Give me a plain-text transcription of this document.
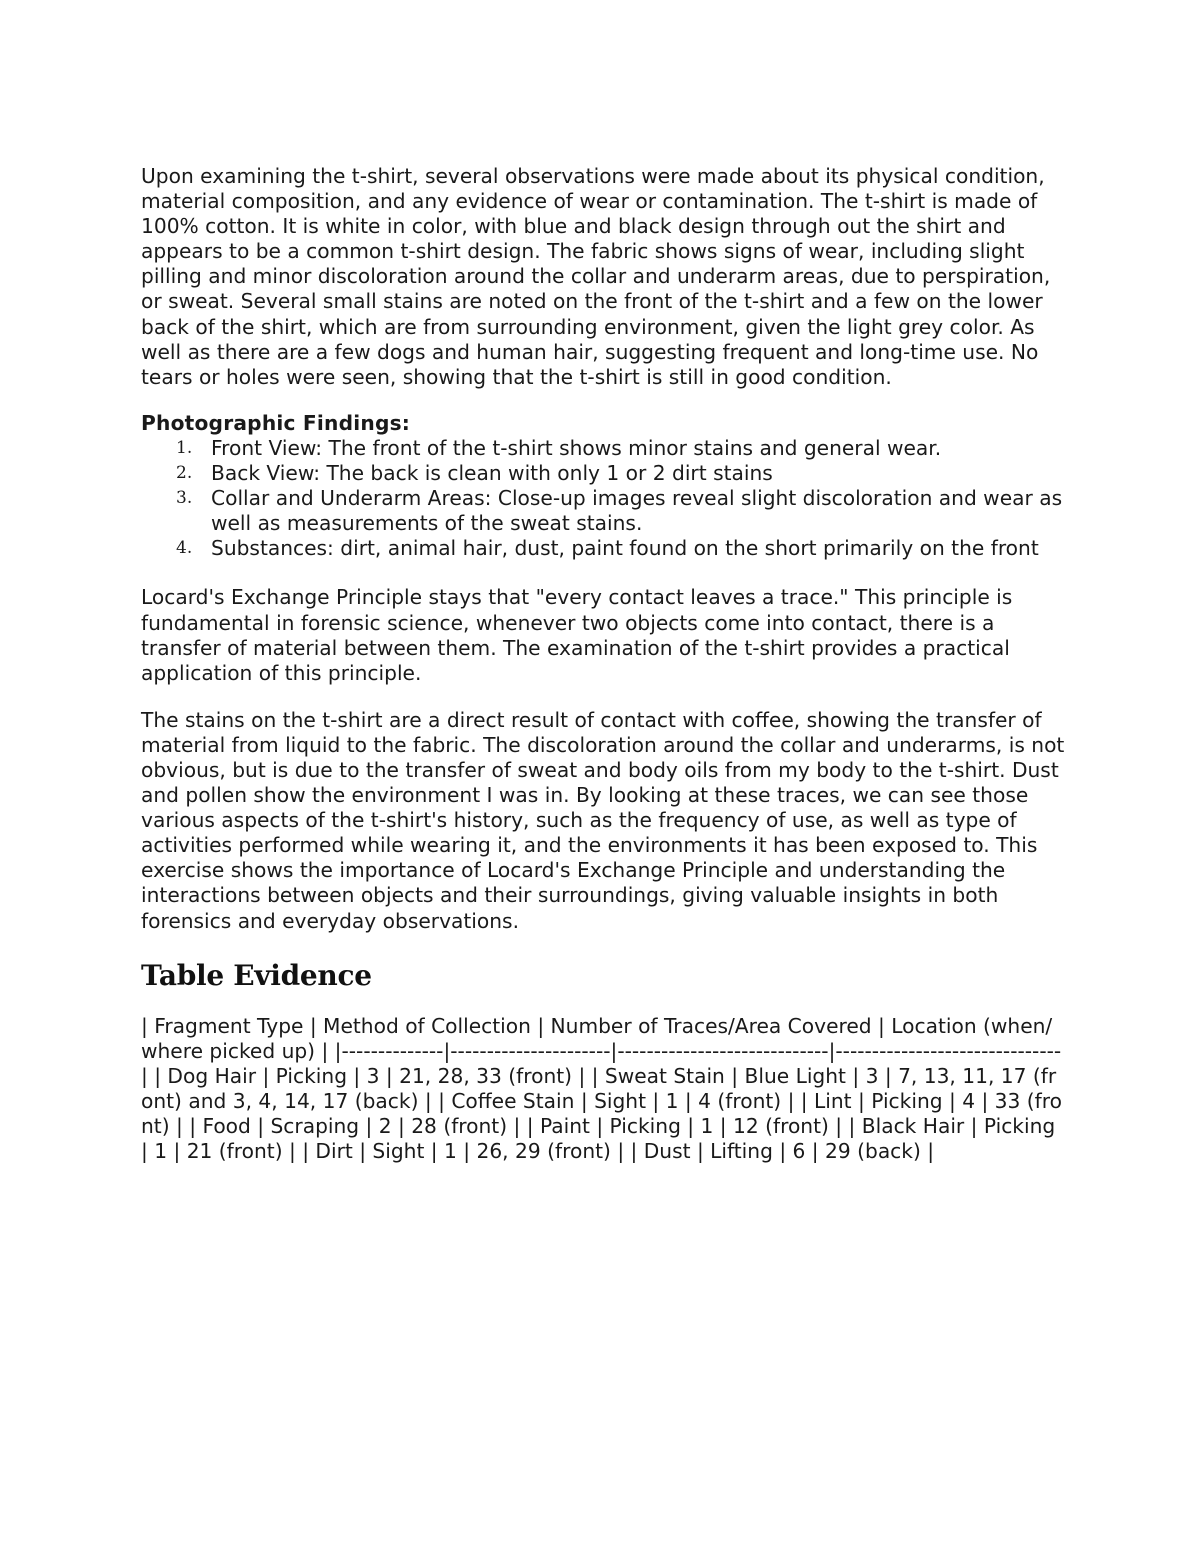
Upon examining the t-shirt, several observations were made about its physical condition, material composition, and any evidence of wear or contamination. The t-shirt is made of 100% cotton. It is white in color, with blue and black design through out the shirt and appears to be a common t-shirt design. The fabric shows signs of wear, including slight pilling and minor discoloration around the collar and underarm areas, due to perspiration, or sweat. Several small stains are noted on the front of the t-shirt and a few on the lower back of the shirt, which are from surrounding environment, given the light grey color. As well as there are a few dogs and human hair, suggesting frequent and long-time use. No tears or holes were seen, showing that the t-shirt is still in good condition.

Photographic Findings:

1. Front View: The front of the t-shirt shows minor stains and general wear.
2. Back View: The back is clean with only 1 or 2 dirt stains
3. Collar and Underarm Areas: Close-up images reveal slight discoloration and wear as well as measurements of the sweat stains.
4. Substances: dirt, animal hair, dust, paint found on the short primarily on the front

Locard's Exchange Principle stays that "every contact leaves a trace." This principle is fundamental in forensic science, whenever two objects come into contact, there is a transfer of material between them. The examination of the t-shirt provides a practical application of this principle.

The stains on the t-shirt are a direct result of contact with coffee, showing the transfer of material from liquid to the fabric. The discoloration around the collar and underarms, is not obvious, but is due to the transfer of sweat and body oils from my body to the t-shirt. Dust and pollen show the environment I was in. By looking at these traces, we can see those various aspects of the t-shirt's history, such as the frequency of use, as well as type of activities performed while wearing it, and the environments it has been exposed to. This exercise shows the importance of Locard's Exchange Principle and understanding the interactions between objects and their surroundings, giving valuable insights in both forensics and everyday observations.

Table Evidence

| Fragment Type | Method of Collection | Number of Traces/Area Covered | Location (when/where picked up) | |--------------|----------------------|-----------------------------|-------------------------------| | Dog Hair | Picking | 3 | 21, 28, 33 (front) | | Sweat Stain | Blue Light | 3 | 7, 13, 11, 17 (front) and 3, 4, 14, 17 (back) | | Coffee Stain | Sight | 1 | 4 (front) | | Lint | Picking | 4 | 33 (front) | | Food | Scraping | 2 | 28 (front) | | Paint | Picking | 1 | 12 (front) | | Black Hair | Picking | 1 | 21 (front) | | Dirt | Sight | 1 | 26, 29 (front) | | Dust | Lifting | 6 | 29 (back) |
